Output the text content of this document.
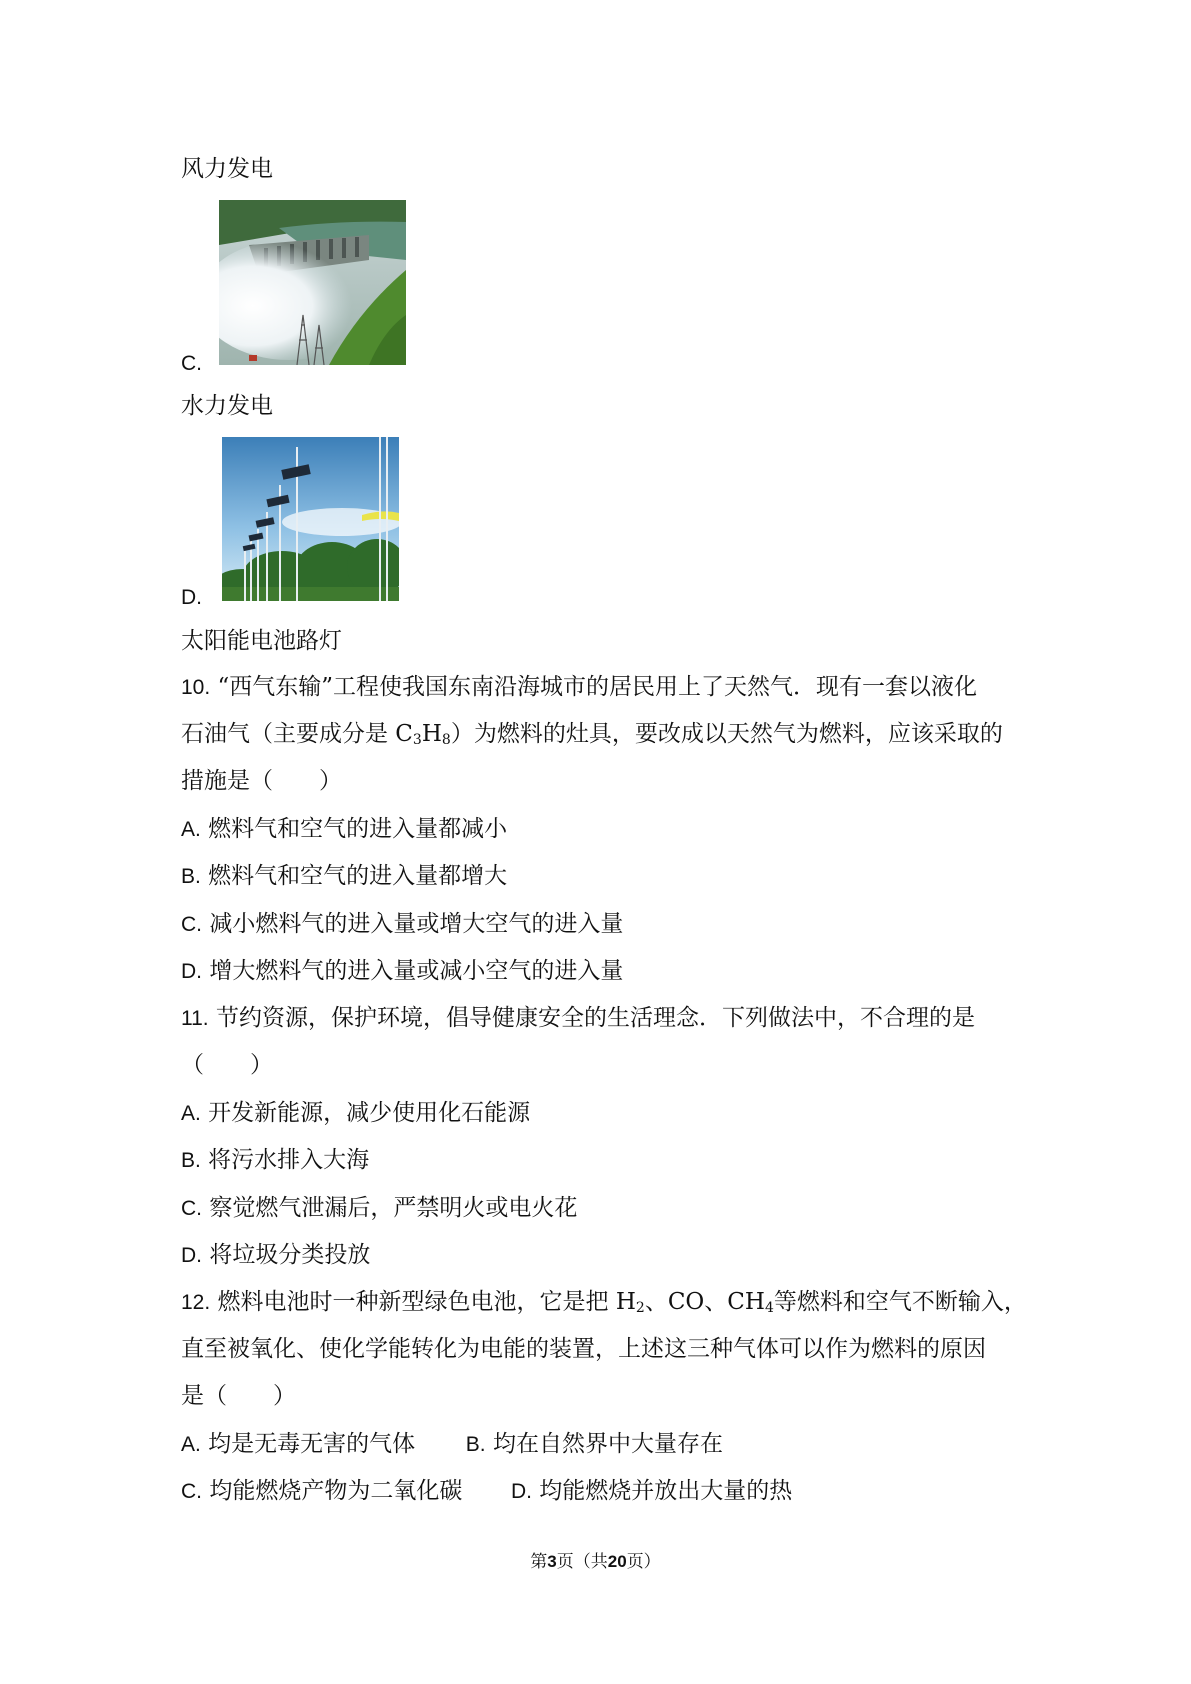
风力发电
C.
水力发电
D.
太阳能电池路灯
10. “西气东输”工程使我国东南沿海城市的居民用上了天然气．现有一套以液化
石油气（主要成分是 $C_3H_8$）为燃料的灶具，要改成以天然气为燃料，应该采取的
措施是（　　）
A. 燃料气和空气的进入量都减小
B. 燃料气和空气的进入量都增大
C. 减小燃料气的进入量或增大空气的进入量
D. 增大燃料气的进入量或减小空气的进入量
11. 节约资源，保护环境，倡导健康安全的生活理念．下列做法中，不合理的是
（　　）
A. 开发新能源，减少使用化石能源
B. 将污水排入大海
C. 察觉燃气泄漏后，严禁明火或电火花
D. 将垃圾分类投放
12. 燃料电池时一种新型绿色电池，它是把 $H_2$、CO、$CH_4$等燃料和空气不断输入，
直至被氧化、使化学能转化为电能的装置，上述这三种气体可以作为燃料的原因
是（　　）
A. 均是无毒无害的气体 B. 均在自然界中大量存在
C. 均能燃烧产物为二氧化碳 D. 均能燃烧并放出大量的热
第3页（共20页）
